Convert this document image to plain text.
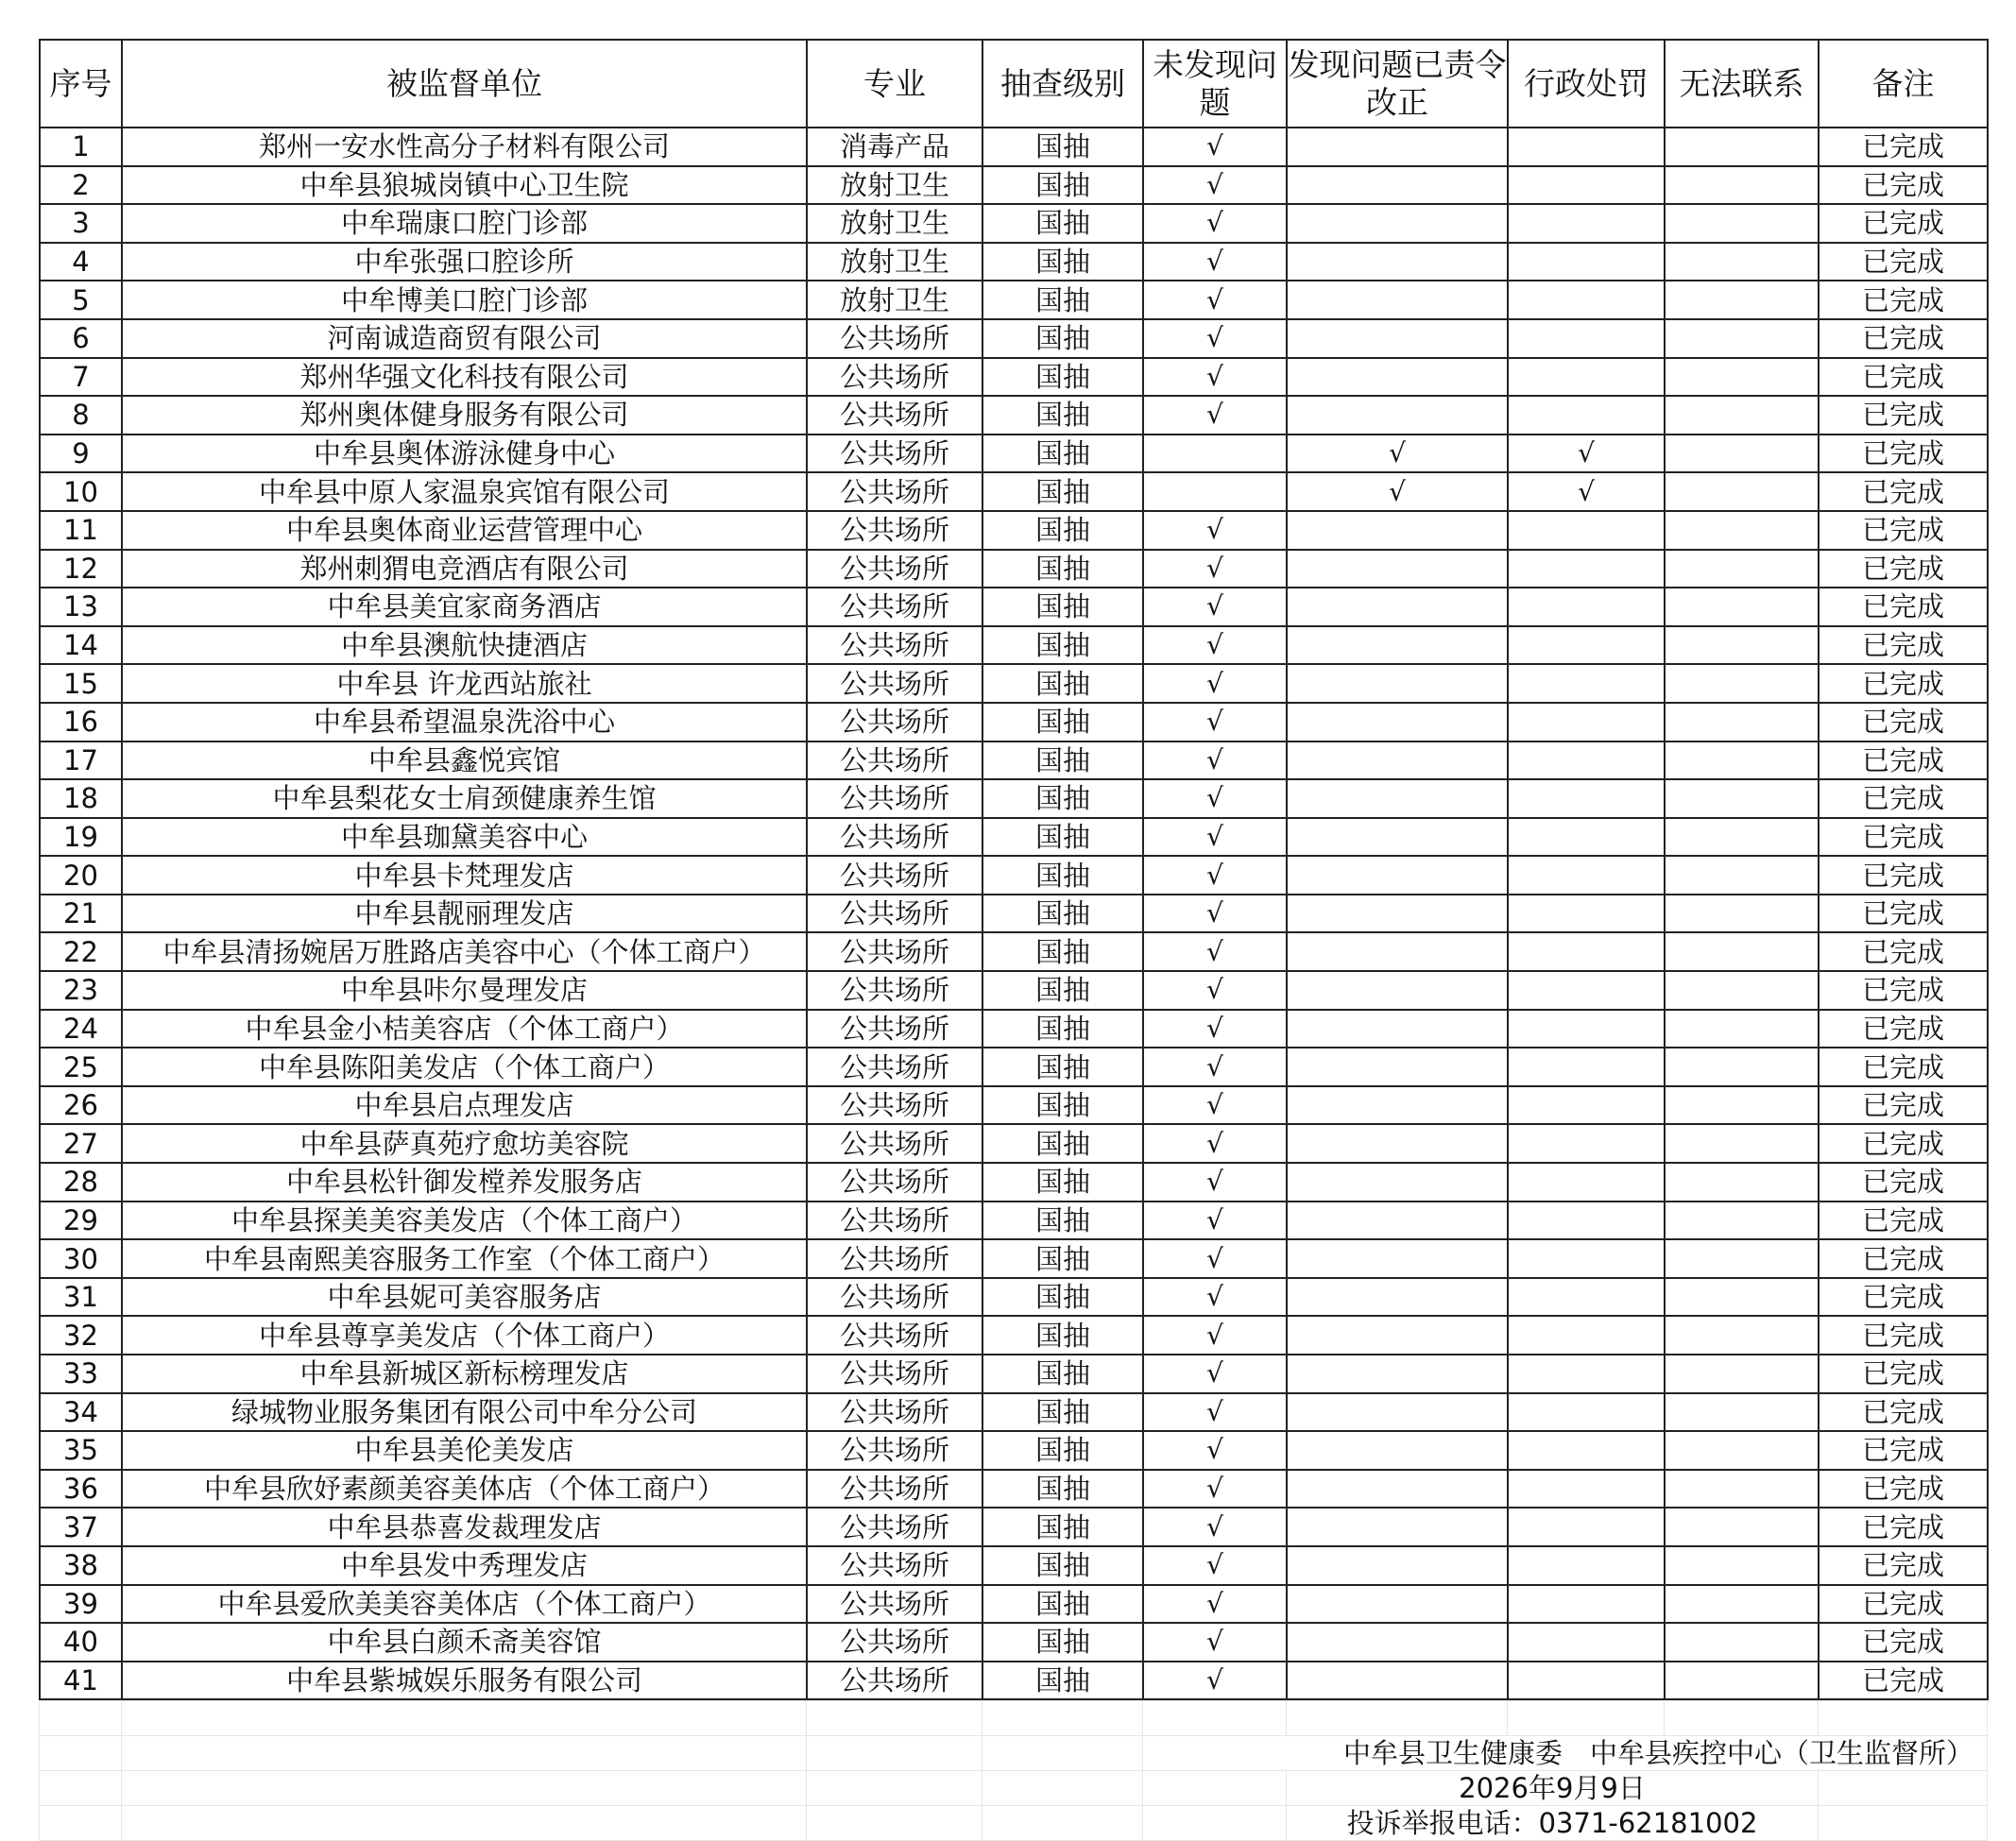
序号	被监督单位	专业	抽查级别	未发现问题	发现问题已责令改正	行政处罚	无法联系	备注
1	郑州一安水性高分子材料有限公司	消毒产品	国抽	√				已完成
2	中牟县狼城岗镇中心卫生院	放射卫生	国抽	√				已完成
3	中牟瑞康口腔门诊部	放射卫生	国抽	√				已完成
4	中牟张强口腔诊所	放射卫生	国抽	√				已完成
5	中牟博美口腔门诊部	放射卫生	国抽	√				已完成
6	河南诚造商贸有限公司	公共场所	国抽	√				已完成
7	郑州华强文化科技有限公司	公共场所	国抽	√				已完成
8	郑州奥体健身服务有限公司	公共场所	国抽	√				已完成
9	中牟县奥体游泳健身中心	公共场所	国抽		√	√		已完成
10	中牟县中原人家温泉宾馆有限公司	公共场所	国抽		√	√		已完成
11	中牟县奥体商业运营管理中心	公共场所	国抽	√				已完成
12	郑州刺猬电竞酒店有限公司	公共场所	国抽	√				已完成
13	中牟县美宜家商务酒店	公共场所	国抽	√				已完成
14	中牟县澳航快捷酒店	公共场所	国抽	√				已完成
15	中牟县 许龙西站旅社	公共场所	国抽	√				已完成
16	中牟县希望温泉洗浴中心	公共场所	国抽	√				已完成
17	中牟县鑫悦宾馆	公共场所	国抽	√				已完成
18	中牟县梨花女士肩颈健康养生馆	公共场所	国抽	√				已完成
19	中牟县珈黛美容中心	公共场所	国抽	√				已完成
20	中牟县卡梵理发店	公共场所	国抽	√				已完成
21	中牟县靓丽理发店	公共场所	国抽	√				已完成
22	中牟县清扬婉居万胜路店美容中心（个体工商户）	公共场所	国抽	√				已完成
23	中牟县咔尔曼理发店	公共场所	国抽	√				已完成
24	中牟县金小桔美容店（个体工商户）	公共场所	国抽	√				已完成
25	中牟县陈阳美发店（个体工商户）	公共场所	国抽	√				已完成
26	中牟县启点理发店	公共场所	国抽	√				已完成
27	中牟县萨真苑疗愈坊美容院	公共场所	国抽	√				已完成
28	中牟县松针御发樘养发服务店	公共场所	国抽	√				已完成
29	中牟县探美美容美发店（个体工商户）	公共场所	国抽	√				已完成
30	中牟县南熙美容服务工作室（个体工商户）	公共场所	国抽	√				已完成
31	中牟县妮可美容服务店	公共场所	国抽	√				已完成
32	中牟县尊享美发店（个体工商户）	公共场所	国抽	√				已完成
33	中牟县新城区新标榜理发店	公共场所	国抽	√				已完成
34	绿城物业服务集团有限公司中牟分公司	公共场所	国抽	√				已完成
35	中牟县美伦美发店	公共场所	国抽	√				已完成
36	中牟县欣妤素颜美容美体店（个体工商户）	公共场所	国抽	√				已完成
37	中牟县恭喜发裁理发店	公共场所	国抽	√				已完成
38	中牟县发中秀理发店	公共场所	国抽	√				已完成
39	中牟县爱欣美美容美体店（个体工商户）	公共场所	国抽	√				已完成
40	中牟县白颜禾斋美容馆	公共场所	国抽	√				已完成
41	中牟县紫城娱乐服务有限公司	公共场所	国抽	√				已完成

				中牟县卫生健康委　中牟县疾控中心（卫生监督所）				
					2026年9月9日			
					投诉举报电话：0371-62181002			
